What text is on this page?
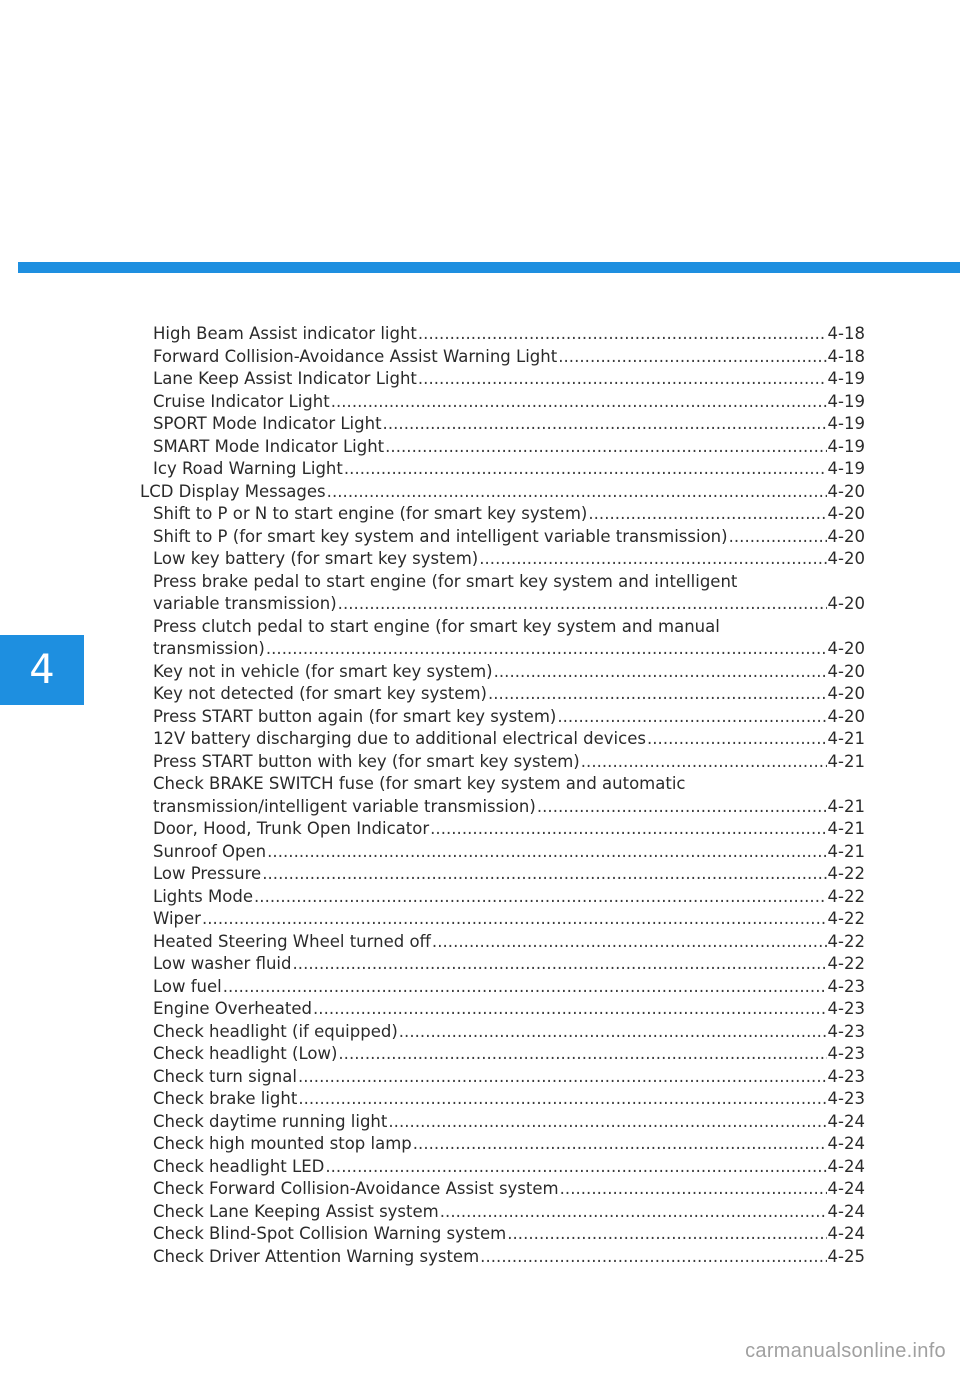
4
High Beam Assist indicator light . . .	4-18
Forward Collision-Avoidance Assist Warning Light . . .	4-18
Lane Keep Assist Indicator Light . . .	4-19
Cruise Indicator Light . . .	4-19
SPORT Mode Indicator Light . . .	4-19
SMART Mode Indicator Light . . .	4-19
Icy Road Warning Light . . .	4-19
LCD Display Messages . . .	4-20
Shift to P or N to start engine (for smart key system) . . .	4-20
Shift to P (for smart key system and intelligent variable transmission) . . .	4-20
Low key battery (for smart key system) . . .	4-20
Press brake pedal to start engine (for smart key system and intelligent
variable transmission) . . .	4-20
Press clutch pedal to start engine (for smart key system and manual
transmission) . . .	4-20
Key not in vehicle (for smart key system) . . .	4-20
Key not detected (for smart key system) . . .	4-20
Press START button again (for smart key system) . . .	4-20
12V battery discharging due to additional electrical devices . . .	4-21
Press START button with key (for smart key system) . . .	4-21
Check BRAKE SWITCH fuse (for smart key system and automatic
transmission/intelligent variable transmission) . . .	4-21
Door, Hood, Trunk Open Indicator . . .	4-21
Sunroof Open . . .	4-21
Low Pressure . . .	4-22
Lights Mode . . .	4-22
Wiper . . .	4-22
Heated Steering Wheel turned off . . .	4-22
Low washer fluid . . .	4-22
Low fuel . . .	4-23
Engine Overheated . . .	4-23
Check headlight (if equipped) . . .	4-23
Check headlight (Low) . . .	4-23
Check turn signal . . .	4-23
Check brake light . . .	4-23
Check daytime running light . . .	4-24
Check high mounted stop lamp . . .	4-24
Check headlight LED . . .	4-24
Check Forward Collision-Avoidance Assist system . . .	4-24
Check Lane Keeping Assist system . . .	4-24
Check Blind-Spot Collision Warning system . . .	4-24
Check Driver Attention Warning system . . .	4-25
carmanualsonline.info
